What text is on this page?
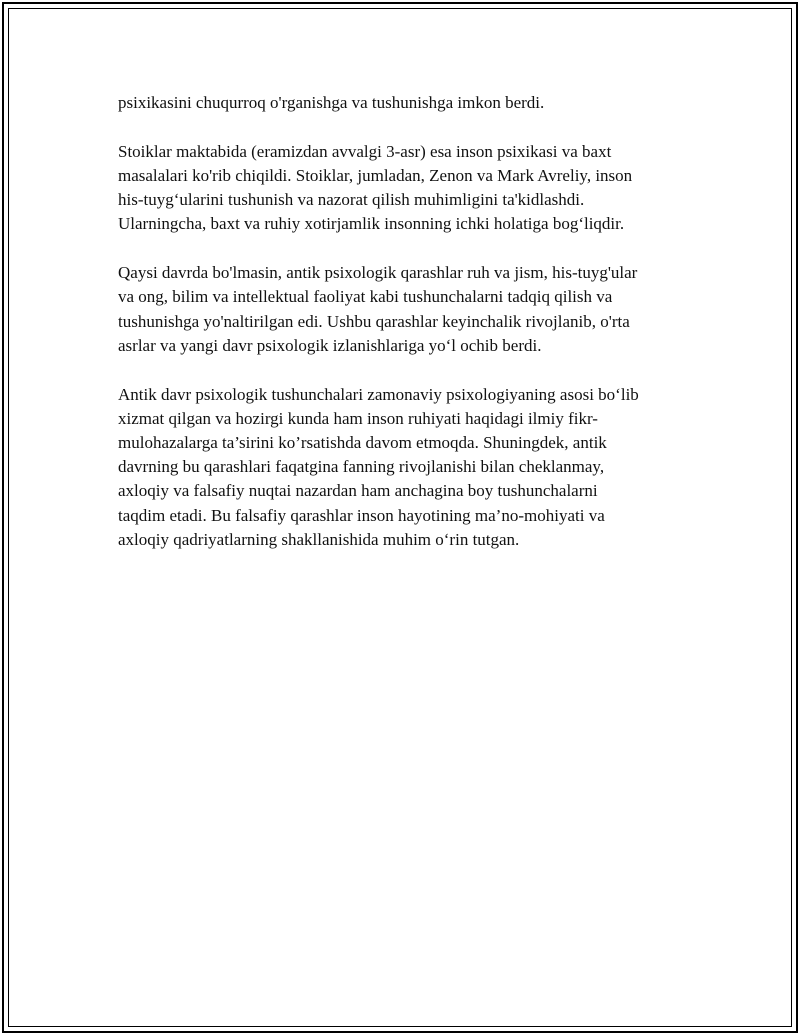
psixikasini chuqurroq o'rganishga va tushunishga imkon berdi.

Stoiklar maktabida (eramizdan avvalgi 3-asr) esa inson psixikasi va baxt
masalalari ko'rib chiqildi. Stoiklar, jumladan, Zenon va Mark Avreliy, inson
his-tuyg‘ularini tushunish va nazorat qilish muhimligini ta'kidlashdi.
Ularningcha, baxt va ruhiy xotirjamlik insonning ichki holatiga bog‘liqdir.

Qaysi davrda bo'lmasin, antik psixologik qarashlar ruh va jism, his-tuyg'ular
va ong, bilim va intellektual faoliyat kabi tushunchalarni tadqiq qilish va
tushunishga yo'naltirilgan edi. Ushbu qarashlar keyinchalik rivojlanib, o'rta
asrlar va yangi davr psixologik izlanishlariga yo‘l ochib berdi.

Antik davr psixologik tushunchalari zamonaviy psixologiyaning asosi bo‘lib
xizmat qilgan va hozirgi kunda ham inson ruhiyati haqidagi ilmiy fikr-
mulohazalarga ta’sirini ko’rsatishda davom etmoqda. Shuningdek, antik
davrning bu qarashlari faqatgina fanning rivojlanishi bilan cheklanmay,
axloqiy va falsafiy nuqtai nazardan ham anchagina boy tushunchalarni
taqdim etadi. Bu falsafiy qarashlar inson hayotining ma’no-mohiyati va
axloqiy qadriyatlarning shakllanishida muhim o‘rin tutgan.
